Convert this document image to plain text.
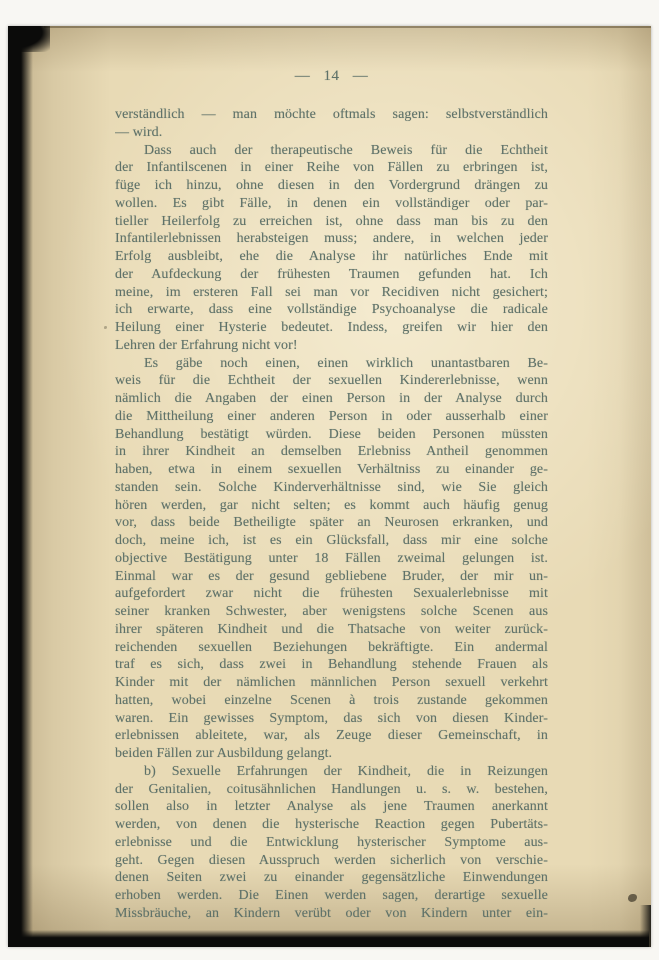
— 14 —
verständlich — man möchte oftmals sagen: selbstverständlich
— wird.
Dass auch der therapeutische Beweis für die Echtheit
der Infantilscenen in einer Reihe von Fällen zu erbringen ist,
füge ich hinzu, ohne diesen in den Vordergrund drängen zu
wollen. Es gibt Fälle, in denen ein vollständiger oder par-
tieller Heilerfolg zu erreichen ist, ohne dass man bis zu den
Infantilerlebnissen herabsteigen muss; andere, in welchen jeder
Erfolg ausbleibt, ehe die Analyse ihr natürliches Ende mit
der Aufdeckung der frühesten Traumen gefunden hat. Ich
meine, im ersteren Fall sei man vor Recidiven nicht gesichert;
ich erwarte, dass eine vollständige Psychoanalyse die radicale
Heilung einer Hysterie bedeutet. Indess, greifen wir hier den
Lehren der Erfahrung nicht vor!
Es gäbe noch einen, einen wirklich unantastbaren Be-
weis für die Echtheit der sexuellen Kindererlebnisse, wenn
nämlich die Angaben der einen Person in der Analyse durch
die Mittheilung einer anderen Person in oder ausserhalb einer
Behandlung bestätigt würden. Diese beiden Personen müssten
in ihrer Kindheit an demselben Erlebniss Antheil genommen
haben, etwa in einem sexuellen Verhältniss zu einander ge-
standen sein. Solche Kinderverhältnisse sind, wie Sie gleich
hören werden, gar nicht selten; es kommt auch häufig genug
vor, dass beide Betheiligte später an Neurosen erkranken, und
doch, meine ich, ist es ein Glücksfall, dass mir eine solche
objective Bestätigung unter 18 Fällen zweimal gelungen ist.
Einmal war es der gesund gebliebene Bruder, der mir un-
aufgefordert zwar nicht die frühesten Sexualerlebnisse mit
seiner kranken Schwester, aber wenigstens solche Scenen aus
ihrer späteren Kindheit und die Thatsache von weiter zurück-
reichenden sexuellen Beziehungen bekräftigte. Ein andermal
traf es sich, dass zwei in Behandlung stehende Frauen als
Kinder mit der nämlichen männlichen Person sexuell verkehrt
hatten, wobei einzelne Scenen à trois zustande gekommen
waren. Ein gewisses Symptom, das sich von diesen Kinder-
erlebnissen ableitete, war, als Zeuge dieser Gemeinschaft, in
beiden Fällen zur Ausbildung gelangt.
b) Sexuelle Erfahrungen der Kindheit, die in Reizungen
der Genitalien, coitusähnlichen Handlungen u. s. w. bestehen,
sollen also in letzter Analyse als jene Traumen anerkannt
werden, von denen die hysterische Reaction gegen Pubertäts-
erlebnisse und die Entwicklung hysterischer Symptome aus-
geht. Gegen diesen Ausspruch werden sicherlich von verschie-
denen Seiten zwei zu einander gegensätzliche Einwendungen
erhoben werden. Die Einen werden sagen, derartige sexuelle
Missbräuche, an Kindern verübt oder von Kindern unter ein-
